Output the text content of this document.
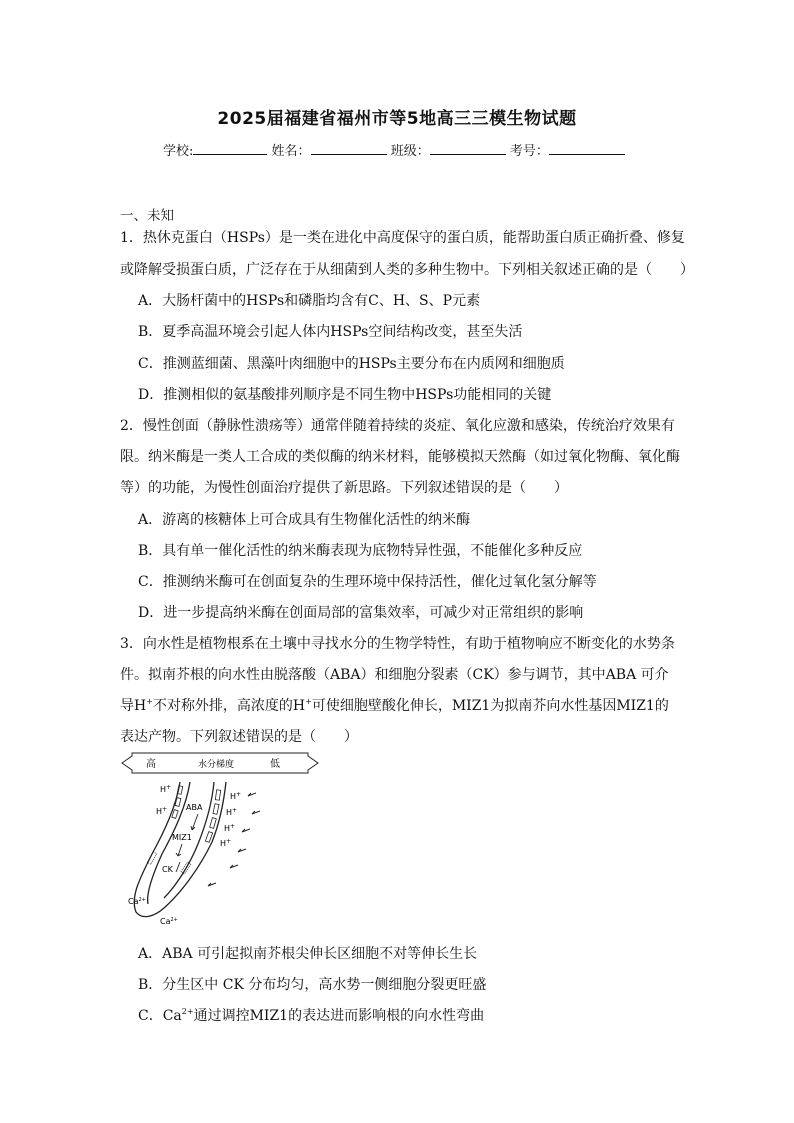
2025届福建省福州市等5地高三三模生物试题
学校:	姓名：	班级：	考号：
一、未知
1．热休克蛋白（HSPs）是一类在进化中高度保守的蛋白质，能帮助蛋白质正确折叠、修复
或降解受损蛋白质，广泛存在于从细菌到人类的多种生物中。下列相关叙述正确的是（　　）
A．大肠杆菌中的HSPs和磷脂均含有C、H、S、P元素
B．夏季高温环境会引起人体内HSPs空间结构改变，甚至失活
C．推测蓝细菌、黑藻叶肉细胞中的HSPs主要分布在内质网和细胞质
D．推测相似的氨基酸排列顺序是不同生物中HSPs功能相同的关键
2．慢性创面（静脉性溃疡等）通常伴随着持续的炎症、氧化应激和感染，传统治疗效果有
限。纳米酶是一类人工合成的类似酶的纳米材料，能够模拟天然酶（如过氧化物酶、氧化酶
等）的功能，为慢性创面治疗提供了新思路。下列叙述错误的是（　　）
A．游离的核糖体上可合成具有生物催化活性的纳米酶
B．具有单一催化活性的纳米酶表现为底物特异性强，不能催化多种反应
C．推测纳米酶可在创面复杂的生理环境中保持活性，催化过氧化氢分解等
D．进一步提高纳米酶在创面局部的富集效率，可减少对正常组织的影响
3．向水性是植物根系在土壤中寻找水分的生物学特性，有助于植物响应不断变化的水势条
件。拟南芥根的向水性由脱落酸（ABA）和细胞分裂素（CK）参与调节，其中ABA 可介
导H+不对称外排，高浓度的H+可使细胞壁酸化伸长，MIZ1为拟南芥向水性基因MIZ1的
表达产物。下列叙述错误的是（　　）
高	水分梯度	低
H+
H+
H+
H+
H+
H+
ABA
MIZ1
CK
$Ca^{2+}$
$Ca^{2+}$
A．ABA 可引起拟南芥根尖伸长区细胞不对等伸长生长
B．分生区中 CK 分布均匀，高水势一侧细胞分裂更旺盛
C．$Ca^{2+}$通过调控MIZ1的表达进而影响根的向水性弯曲
